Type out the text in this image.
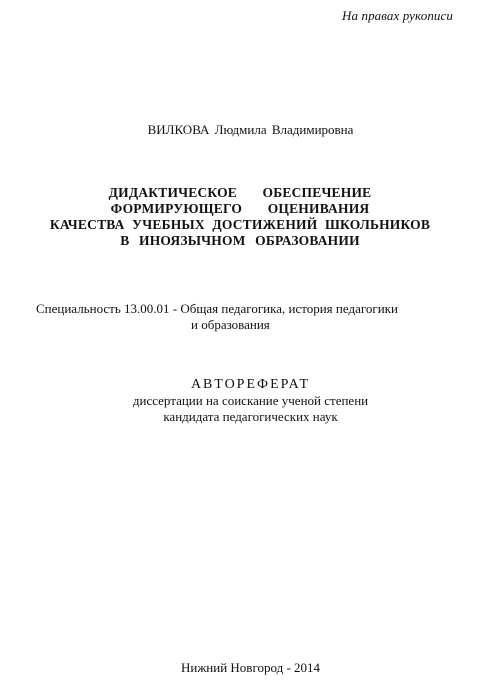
На правах рукописи
ВИЛКОВА Людмила Владимировна
ДИДАКТИЧЕСКОЕ ОБЕСПЕЧЕНИЕ
ФОРМИРУЮЩЕГО ОЦЕНИВАНИЯ
КАЧЕСТВА УЧЕБНЫХ ДОСТИЖЕНИЙ ШКОЛЬНИКОВ
В ИНОЯЗЫЧНОМ ОБРАЗОВАНИИ
Специальность 13.00.01 - Общая педагогика, история педагогики
и образования
АВТОРЕФЕРАТ
диссертации на соискание ученой степени
кандидата педагогических наук
Нижний Новгород - 2014
